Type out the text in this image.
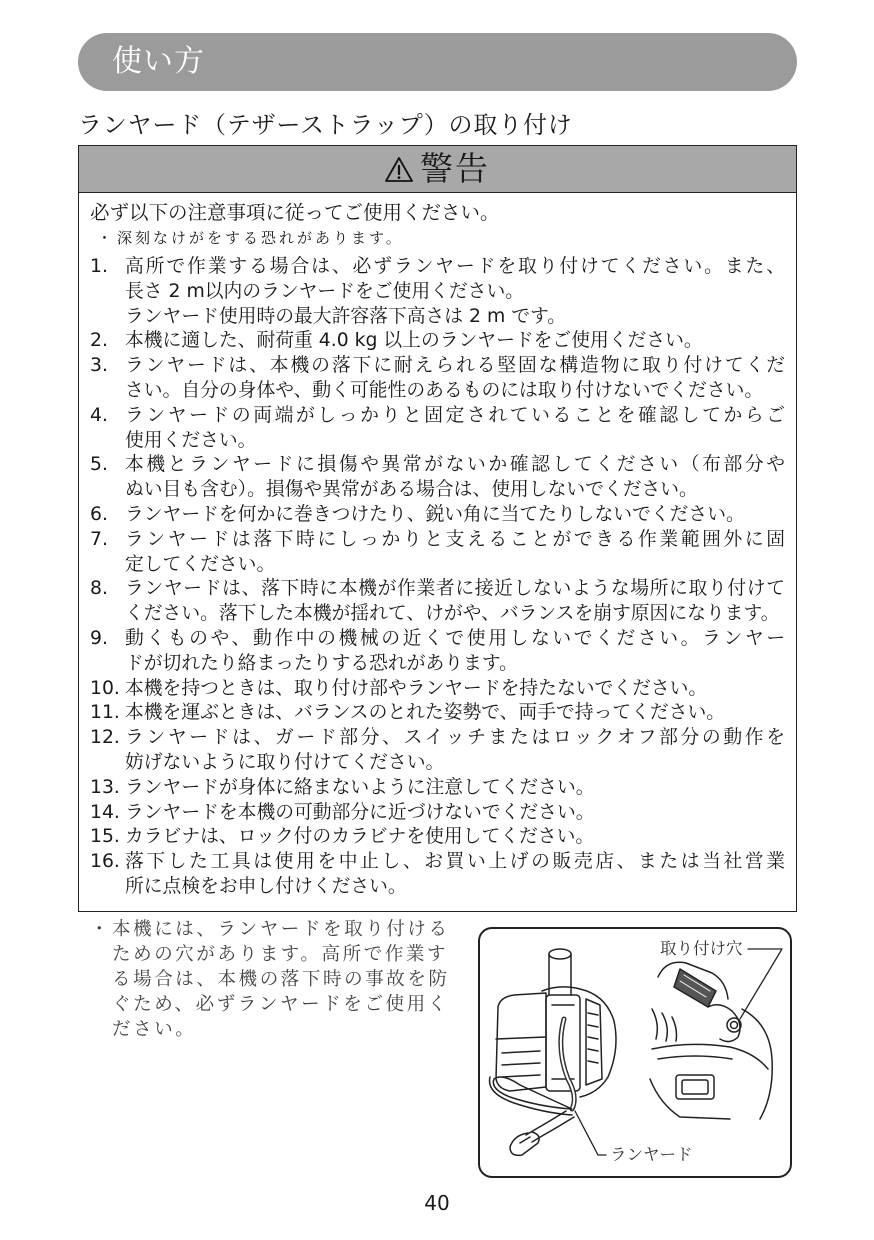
使い方
ランヤード（テザーストラップ）の取り付け
警告
必ず以下の注意事項に従ってご使用ください。
・ 深刻なけがをする恐れがあります。
1. 高所で作業する場合は、必ずランヤードを取り付けてください。また、
長さ 2 m以内のランヤードをご使用ください。
ランヤード使用時の最大許容落下高さは 2 m です。
2. 本機に適した、耐荷重 4.0 kg 以上のランヤードをご使用ください。
3. ランヤードは、本機の落下に耐えられる堅固な構造物に取り付けてくだ
さい。自分の身体や、動く可能性のあるものには取り付けないでください。
4. ランヤードの両端がしっかりと固定されていることを確認してからご
使用ください。
5. 本機とランヤードに損傷や異常がないか確認してください（布部分や
ぬい目も含む）。損傷や異常がある場合は、使用しないでください。
6. ランヤードを何かに巻きつけたり、鋭い角に当てたりしないでください。
7. ランヤードは落下時にしっかりと支えることができる作業範囲外に固
定してください。
8. ランヤードは、落下時に本機が作業者に接近しないような場所に取り付けて
ください。落下した本機が揺れて、けがや、バランスを崩す原因になります。
9. 動くものや、動作中の機械の近くで使用しないでください。ランヤー
ドが切れたり絡まったりする恐れがあります。
10. 本機を持つときは、取り付け部やランヤードを持たないでください。
11. 本機を運ぶときは、バランスのとれた姿勢で、両手で持ってください。
12. ランヤードは、ガード部分、スイッチまたはロックオフ部分の動作を
妨げないように取り付けてください。
13. ランヤードが身体に絡まないように注意してください。
14. ランヤードを本機の可動部分に近づけないでください。
15. カラビナは、ロック付のカラビナを使用してください。
16. 落下した工具は使用を中止し、お買い上げの販売店、または当社営業
所に点検をお申し付けください。
・ 本機には、ランヤードを取り付ける
ための穴があります。高所で作業す
る場合は、本機の落下時の事故を防
ぐため、必ずランヤードをご使用く
ださい。
取り付け穴
ランヤード
40
